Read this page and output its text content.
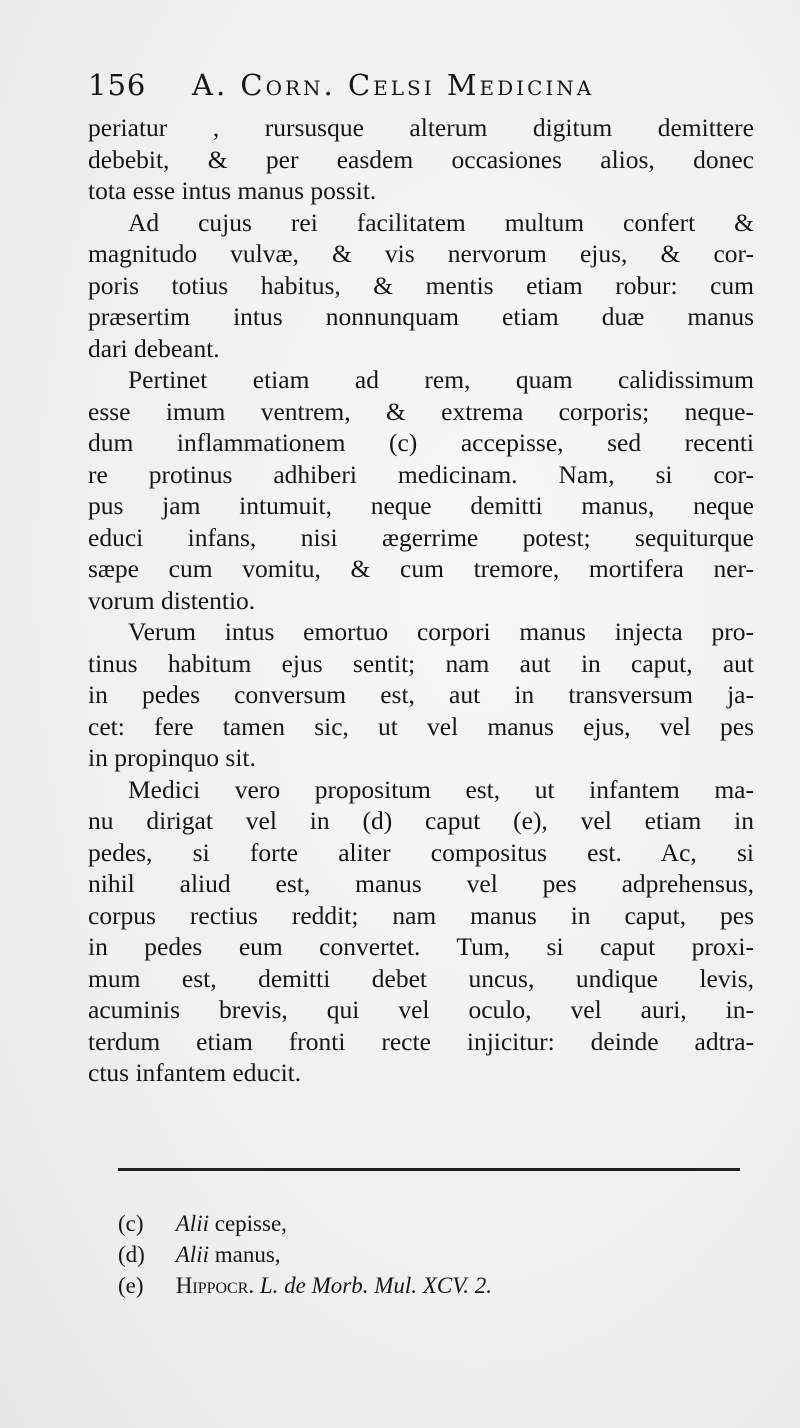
156 A. Corn. Celsi Medicina
periatur , rursusque alterum digitum demittere
debebit, & per easdem occasiones alios, donec
tota esse intus manus possit.
Ad cujus rei facilitatem multum confert &
magnitudo vulvæ, & vis nervorum ejus, & cor-
poris totius habitus, & mentis etiam robur: cum
præsertim intus nonnunquam etiam duæ manus
dari debeant.
Pertinet etiam ad rem, quam calidissimum
esse imum ventrem, & extrema corporis; neque-
dum inflammationem (c) accepisse, sed recenti
re protinus adhiberi medicinam. Nam, si cor-
pus jam intumuit, neque demitti manus, neque
educi infans, nisi ægerrime potest; sequiturque
sæpe cum vomitu, & cum tremore, mortifera ner-
vorum distentio.
Verum intus emortuo corpori manus injecta pro-
tinus habitum ejus sentit; nam aut in caput, aut
in pedes conversum est, aut in transversum ja-
cet: fere tamen sic, ut vel manus ejus, vel pes
in propinquo sit.
Medici vero propositum est, ut infantem ma-
nu dirigat vel in (d) caput (e), vel etiam in
pedes, si forte aliter compositus est. Ac, si
nihil aliud est, manus vel pes adprehensus,
corpus rectius reddit; nam manus in caput, pes
in pedes eum convertet. Tum, si caput proxi-
mum est, demitti debet uncus, undique levis,
acuminis brevis, qui vel oculo, vel auri, in-
terdum etiam fronti recte injicitur: deinde adtra-
ctus infantem educit.
(c) Alii cepisse,
(d) Alii manus,
(e) Hippocr. L. de Morb. Mul. XCV. 2.
